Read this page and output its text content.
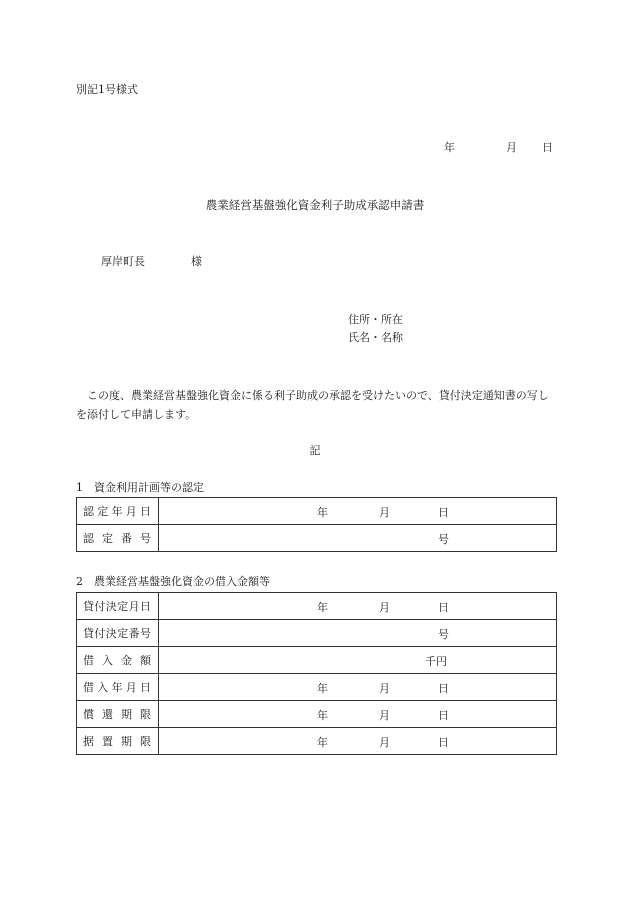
別記1号様式
年	月 日
農業経営基盤強化資金利子助成承認申請書
厚岸町長	様
住所・所在
氏名・名称
この度、農業経営基盤強化資金に係る利子助成の承認を受けたいので、貸付決定通知書の写しを添付して申請します。
記
1　資金利用計画等の認定
認定年月日	年 月 日

認定番号	号
2　農業経営基盤強化資金の借入金額等
貸付決定月日	年 月 日

貸付決定番号	号

借入金額	千円

借入年月日	年 月 日

償還期限	年 月 日

据置期限	年 月 日
